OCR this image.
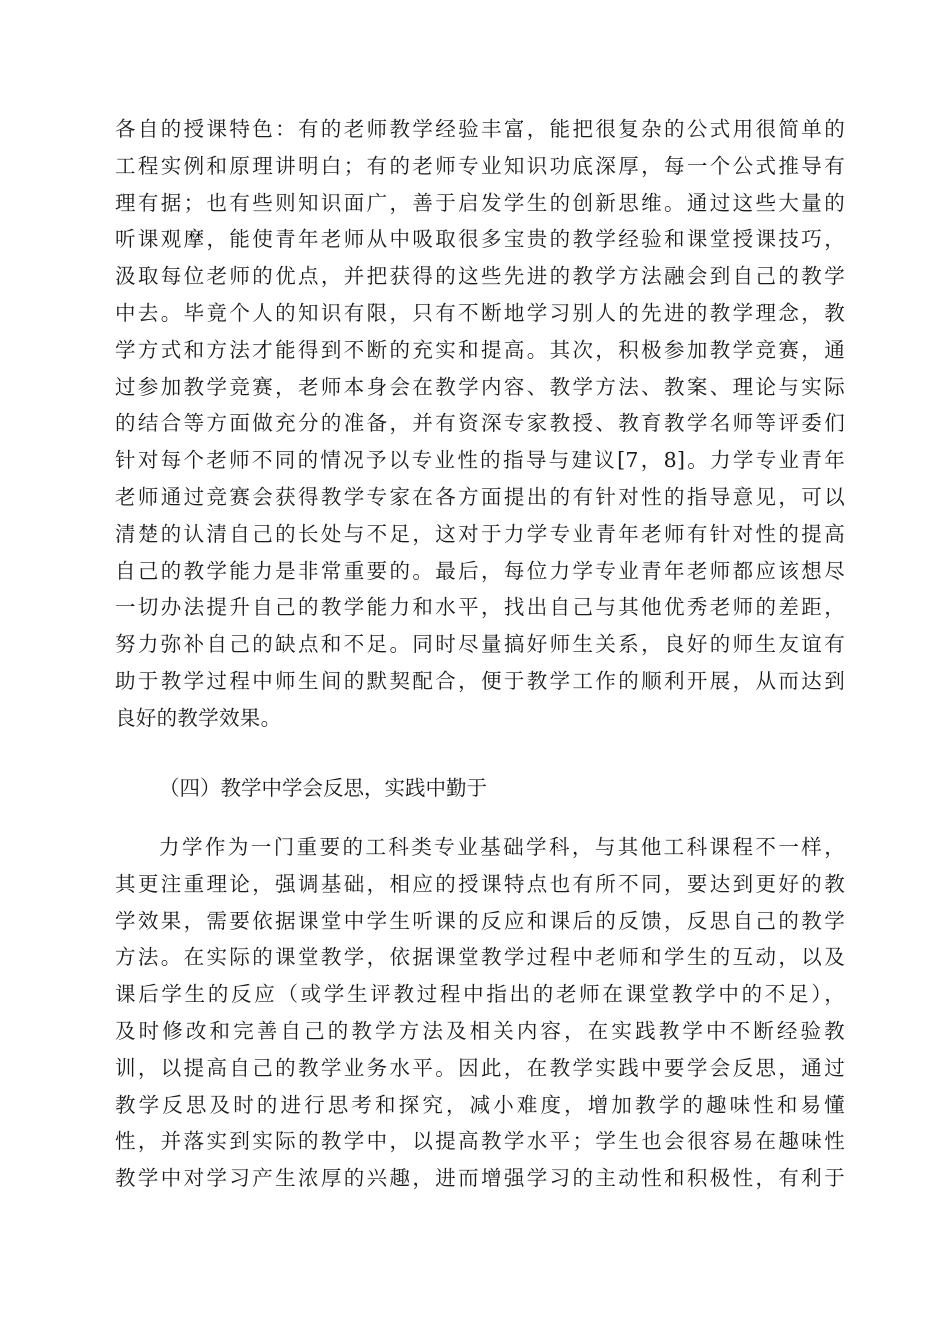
各自的授课特色：有的老师教学经验丰富，能把很复杂的公式用很简单的
工程实例和原理讲明白；有的老师专业知识功底深厚，每一个公式推导有
理有据；也有些则知识面广，善于启发学生的创新思维。通过这些大量的
听课观摩，能使青年老师从中吸取很多宝贵的教学经验和课堂授课技巧，
汲取每位老师的优点，并把获得的这些先进的教学方法融会到自己的教学
中去。毕竟个人的知识有限，只有不断地学习别人的先进的教学理念，教
学方式和方法才能得到不断的充实和提高。其次，积极参加教学竞赛，通
过参加教学竞赛，老师本身会在教学内容、教学方法、教案、理论与实际
的结合等方面做充分的准备，并有资深专家教授、教育教学名师等评委们
针对每个老师不同的情况予以专业性的指导与建议[7，8]。力学专业青年
老师通过竞赛会获得教学专家在各方面提出的有针对性的指导意见，可以
清楚的认清自己的长处与不足，这对于力学专业青年老师有针对性的提高
自己的教学能力是非常重要的。最后，每位力学专业青年老师都应该想尽
一切办法提升自己的教学能力和水平，找出自己与其他优秀老师的差距，
努力弥补自己的缺点和不足。同时尽量搞好师生关系，良好的师生友谊有
助于教学过程中师生间的默契配合，便于教学工作的顺利开展，从而达到
良好的教学效果。
（四）教学中学会反思，实践中勤于
力学作为一门重要的工科类专业基础学科，与其他工科课程不一样，
其更注重理论，强调基础，相应的授课特点也有所不同，要达到更好的教
学效果，需要依据课堂中学生听课的反应和课后的反馈，反思自己的教学
方法。在实际的课堂教学，依据课堂教学过程中老师和学生的互动，以及
课后学生的反应（或学生评教过程中指出的老师在课堂教学中的不足），
及时修改和完善自己的教学方法及相关内容，在实践教学中不断经验教
训，以提高自己的教学业务水平。因此，在教学实践中要学会反思，通过
教学反思及时的进行思考和探究，减小难度，增加教学的趣味性和易懂
性，并落实到实际的教学中，以提高教学水平；学生也会很容易在趣味性
教学中对学习产生浓厚的兴趣，进而增强学习的主动性和积极性，有利于
